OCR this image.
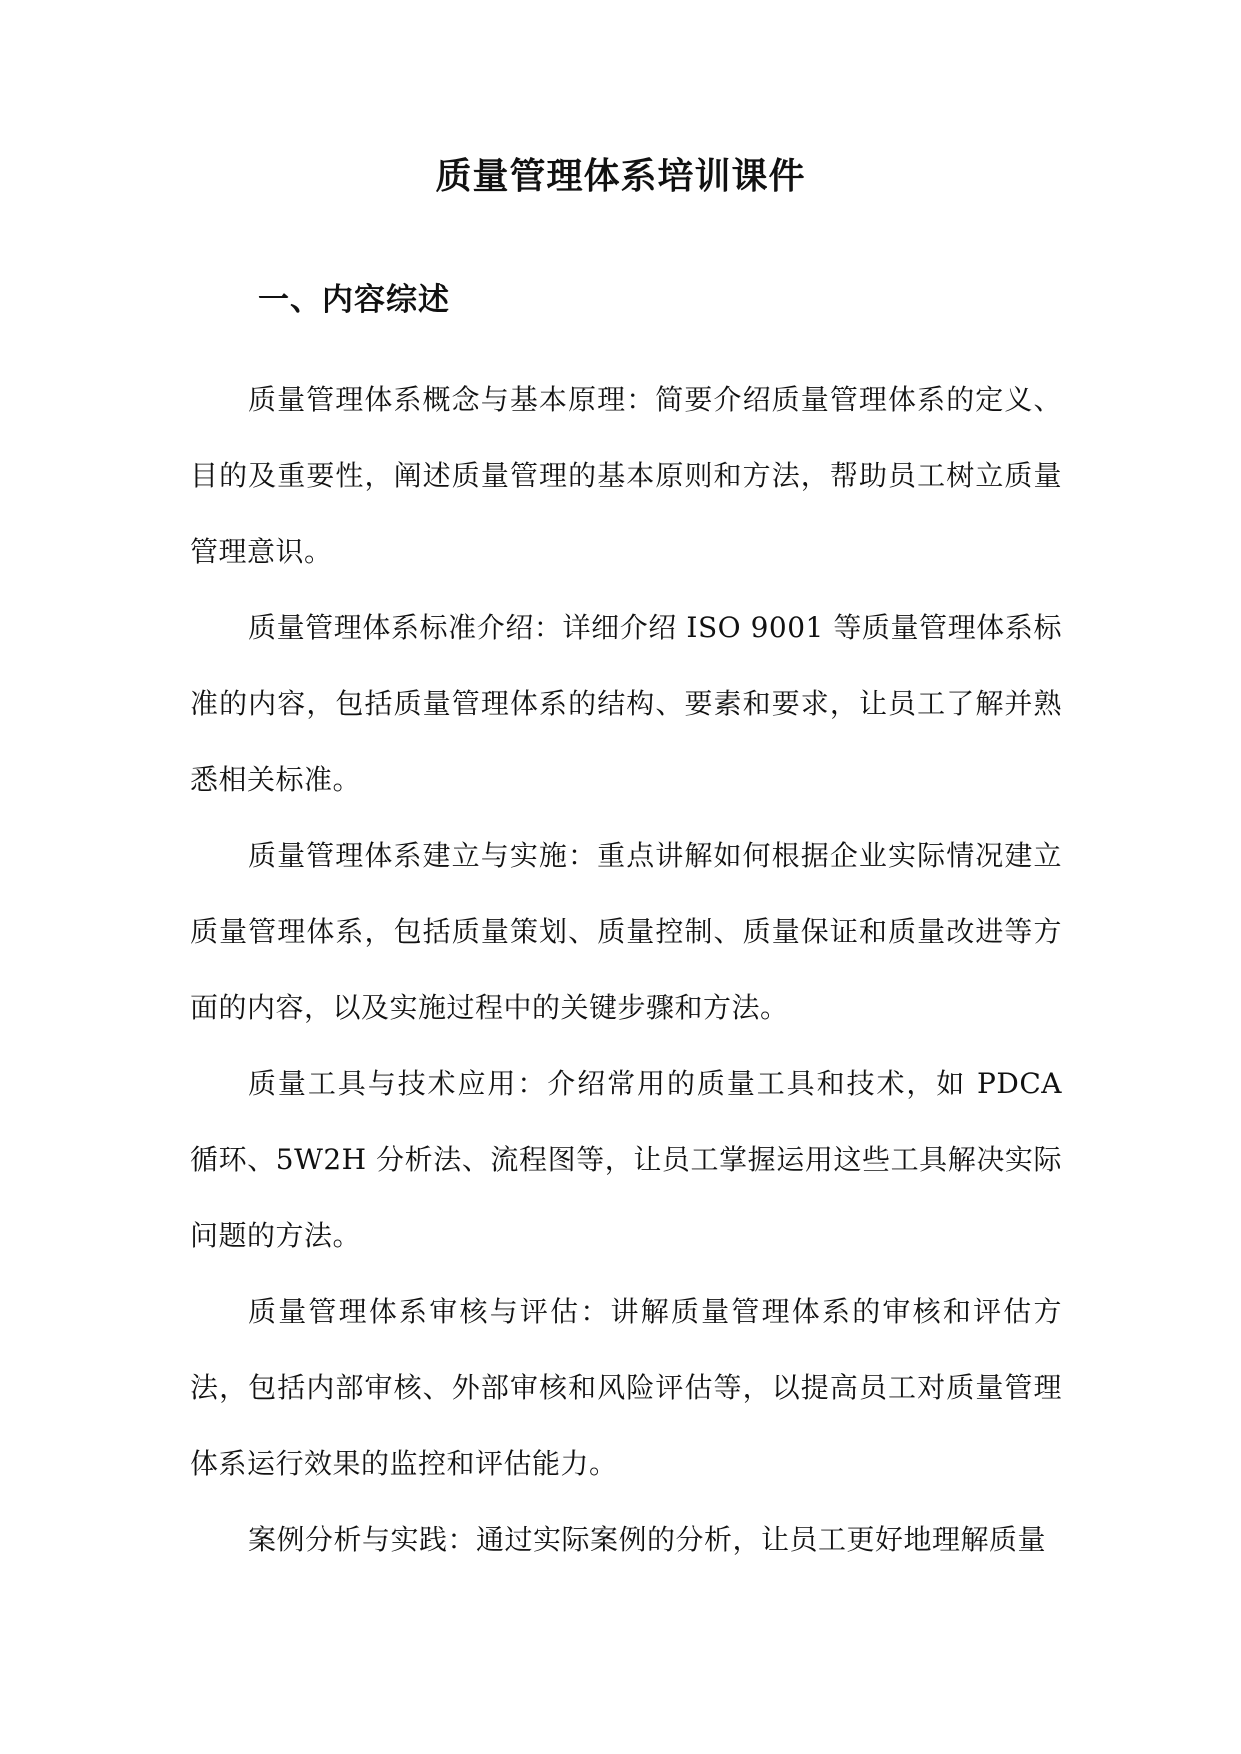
质量管理体系培训课件
一、内容综述

质量管理体系概念与基本原理：简要介绍质量管理体系的定义、目的及重要性，阐述质量管理的基本原则和方法，帮助员工树立质量管理意识。

质量管理体系标准介绍：详细介绍 ISO 9001 等质量管理体系标准的内容，包括质量管理体系的结构、要素和要求，让员工了解并熟悉相关标准。

质量管理体系建立与实施：重点讲解如何根据企业实际情况建立质量管理体系，包括质量策划、质量控制、质量保证和质量改进等方面的内容，以及实施过程中的关键步骤和方法。

质量工具与技术应用：介绍常用的质量工具和技术，如 PDCA 循环、5W2H 分析法、流程图等，让员工掌握运用这些工具解决实际问题的方法。

质量管理体系审核与评估：讲解质量管理体系的审核和评估方法，包括内部审核、外部审核和风险评估等，以提高员工对质量管理体系运行效果的监控和评估能力。

案例分析与实践：通过实际案例的分析，让员工更好地理解质量
